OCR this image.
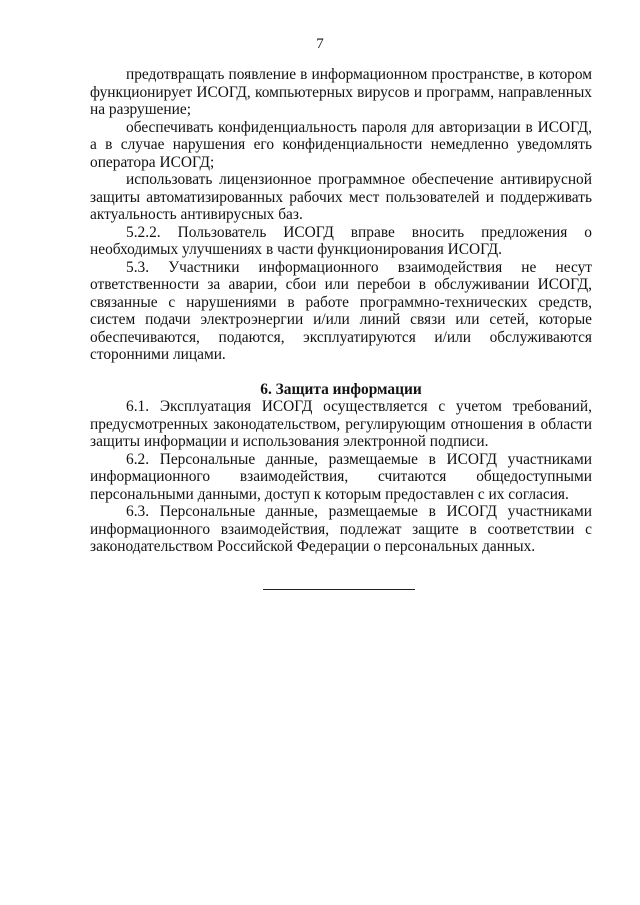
7

предотвращать появление в информационном пространстве, в котором функционирует ИСОГД, компьютерных вирусов и программ, направленных на разрушение;

обеспечивать конфиденциальность пароля для авторизации в ИСОГД, а в случае нарушения его конфиденциальности немедленно уведомлять оператора ИСОГД;

использовать лицензионное программное обеспечение антивирусной защиты автоматизированных рабочих мест пользователей и поддерживать актуальность антивирусных баз.

5.2.2. Пользователь ИСОГД вправе вносить предложения о необходимых улучшениях в части функционирования ИСОГД.

5.3. Участники информационного взаимодействия не несут ответственности за аварии, сбои или перебои в обслуживании ИСОГД, связанные с нарушениями в работе программно-технических средств, систем подачи электроэнергии и/или линий связи или сетей, которые обеспечиваются, подаются, эксплуатируются и/или обслуживаются сторонними лицами.

6. Защита информации

6.1. Эксплуатация ИСОГД осуществляется с учетом требований, предусмотренных законодательством, регулирующим отношения в области защиты информации и использования электронной подписи.

6.2. Персональные данные, размещаемые в ИСОГД участниками информационного взаимодействия, считаются общедоступными персональными данными, доступ к которым предоставлен с их согласия.

6.3. Персональные данные, размещаемые в ИСОГД участниками информационного взаимодействия, подлежат защите в соответствии с законодательством Российской Федерации о персональных данных.
